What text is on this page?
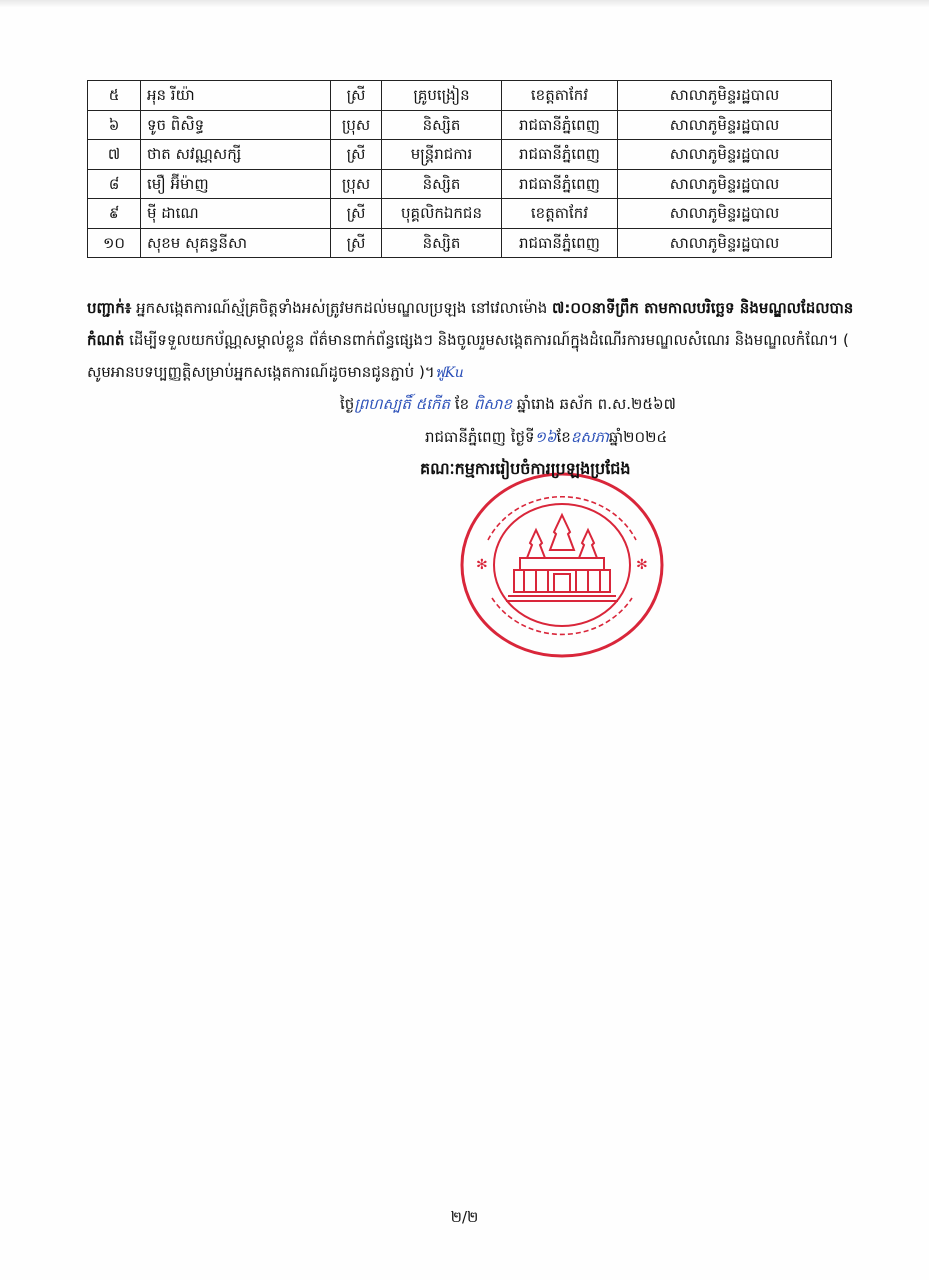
៥	អុន រីយ៉ា	ស្រី	គ្រូបង្រៀន	ខេត្តតាកែវ	សាលាភូមិន្ទរដ្ឋបាល
៦	ទូច ពិសិទ្ធ	ប្រុស	និស្សិត	រាជធានីភ្នំពេញ	សាលាភូមិន្ទរដ្ឋបាល
៧	ថាត សវណ្ណសក្សី	ស្រី	មន្ត្រីរាជការ	រាជធានីភ្នំពេញ	សាលាភូមិន្ទរដ្ឋបាល
៨	មឿ អ៊ីម៉ាញ	ប្រុស	និស្សិត	រាជធានីភ្នំពេញ	សាលាភូមិន្ទរដ្ឋបាល
៩	ម៉ី ដាណេ	ស្រី	បុគ្គលិកឯកជន	ខេត្តតាកែវ	សាលាភូមិន្ទរដ្ឋបាល
១០	សុខម សុគន្ធនីសា	ស្រី	និស្សិត	រាជធានីភ្នំពេញ	សាលាភូមិន្ទរដ្ឋបាល
បញ្ជាក់៖ អ្នកសង្កេតការណ៍ស្ម័គ្រចិត្តទាំងអស់ត្រូវមកដល់មណ្ឌលប្រឡង នៅវេលាម៉ោង ៧:០០នាទីព្រឹក តាមកាលបរិច្ឆេទ និងមណ្ឌលដែលបានកំណត់ ដើម្បីទទួលយកប័ណ្ណសម្គាល់ខ្លួន ព័ត៌មានពាក់ព័ន្ធផ្សេងៗ និងចូលរួមសង្កេតការណ៍ក្នុងដំណើរការមណ្ឌលសំណេរ និងមណ្ឌលកំណែ។ ( សូមអានបទប្បញ្ញត្តិសម្រាប់អ្នកសង្កេតការណ៍ដូចមានជូនភ្ជាប់ )។ฟูKu
ថ្ងៃព្រហស្បតិ៍ ៥កើត ខែ ពិសាខ ឆ្នាំរោង ឆស័ក ព.ស.២៥៦៧
រាជធានីភ្នំពេញ ថ្ងៃទី១៦ខែឧសភាឆ្នាំ២០២៤
✻	✻
គណៈកម្មការរៀបចំការប្រឡងប្រជែង
២/២
